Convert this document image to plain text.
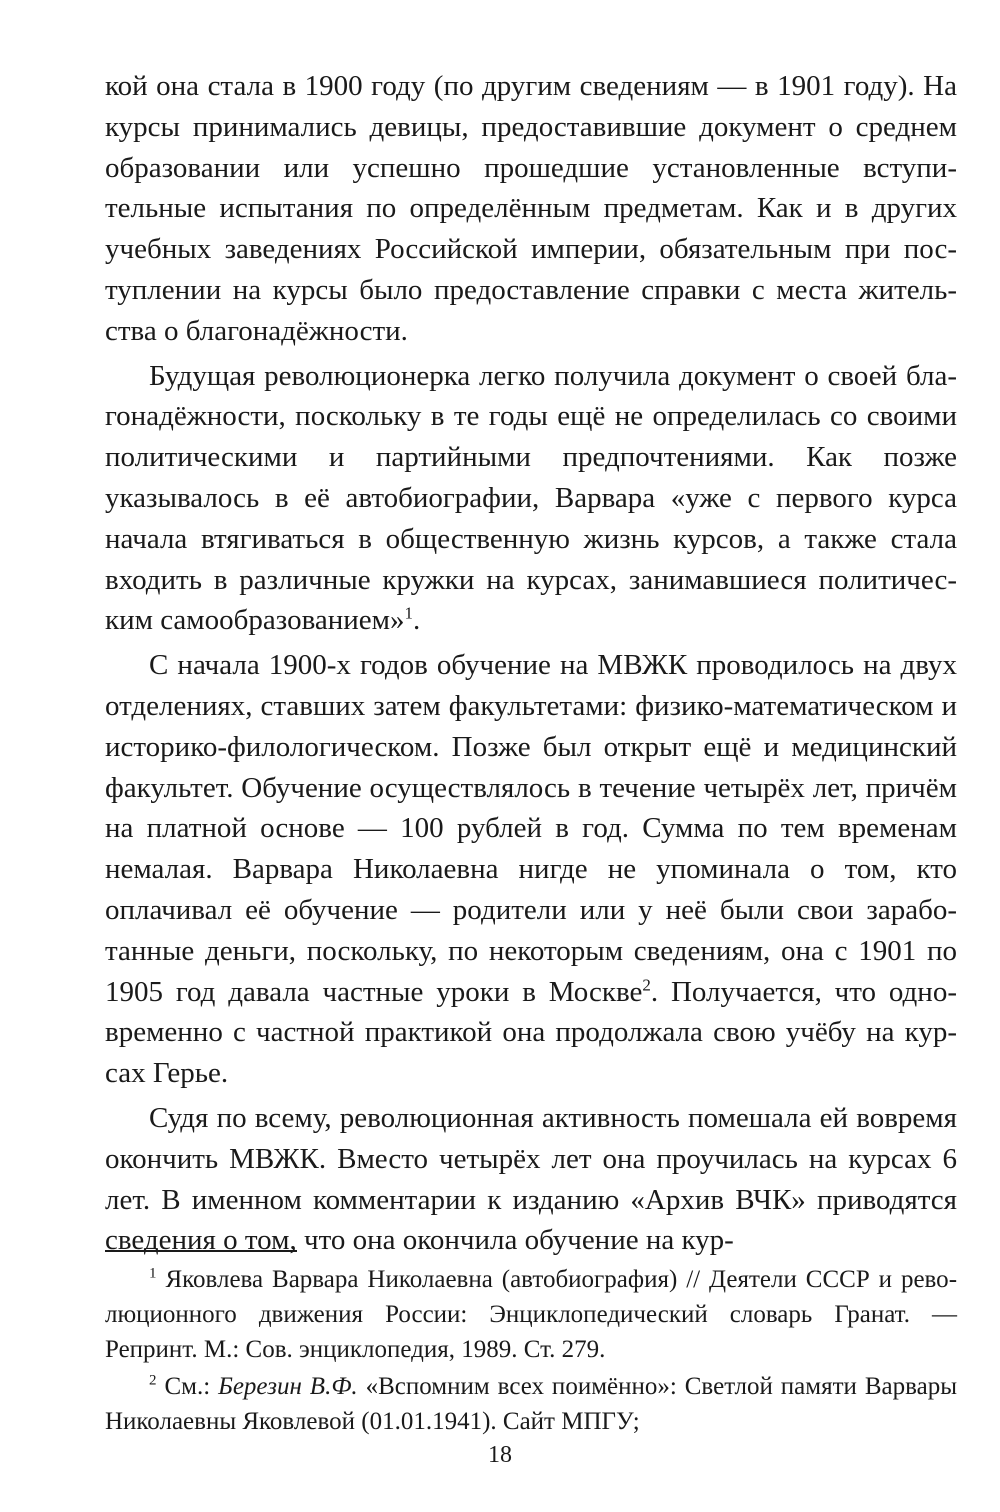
кой она стала в 1900 году (по другим сведениям — в 1901 году). На курсы принимались девицы, предоставившие документ о среднем образовании или успешно прошедшие установленные вступительные испытания по определённым предметам. Как и в других учебных заведениях Российской империи, обязательным при поступлении на курсы было предоставление справки с места жительства о благонадёжности.

Будущая революционерка легко получила документ о своей благонадёжности, поскольку в те годы ещё не определилась со своими политическими и партийными предпочтениями. Как позже указывалось в её автобиографии, Варвара «уже с первого курса начала втягиваться в общественную жизнь курсов, а также стала входить в различные кружки на курсах, занимавшиеся политическим самообразованием»$^1$.

С начала 1900-х годов обучение на МВЖК проводилось на двух отделениях, ставших затем факультетами: физико-математическом и историко-филологическом. Позже был открыт ещё и медицинский факультет. Обучение осуществлялось в течение четырёх лет, причём на платной основе — 100 рублей в год. Сумма по тем временам немалая. Варвара Николаевна нигде не упоминала о том, кто оплачивал её обучение — родители или у неё были свои заработанные деньги, поскольку, по некоторым сведениям, она с 1901 по 1905 год давала частные уроки в Москве$^2$. Получается, что одновременно с частной практикой она продолжала свою учёбу на курсах Герье.

Судя по всему, революционная активность помешала ей вовремя окончить МВЖК. Вместо четырёх лет она проучилась на курсах 6 лет. В именном комментарии к изданию «Архив ВЧК» приводятся сведения о том, что она окончила обучение на кур-

$^1$ Яковлева Варвара Николаевна (автобиография) // Деятели СССР и революционного движения России: Энциклопедический словарь Гранат. — Репринт. М.: Сов. энциклопедия, 1989. Ст. 279.

$^2$ См.: Березин В.Ф. «Вспомним всех поимённо»: Светлой памяти Варвары Николаевны Яковлевой (01.01.1941). Сайт МПГУ;

18
